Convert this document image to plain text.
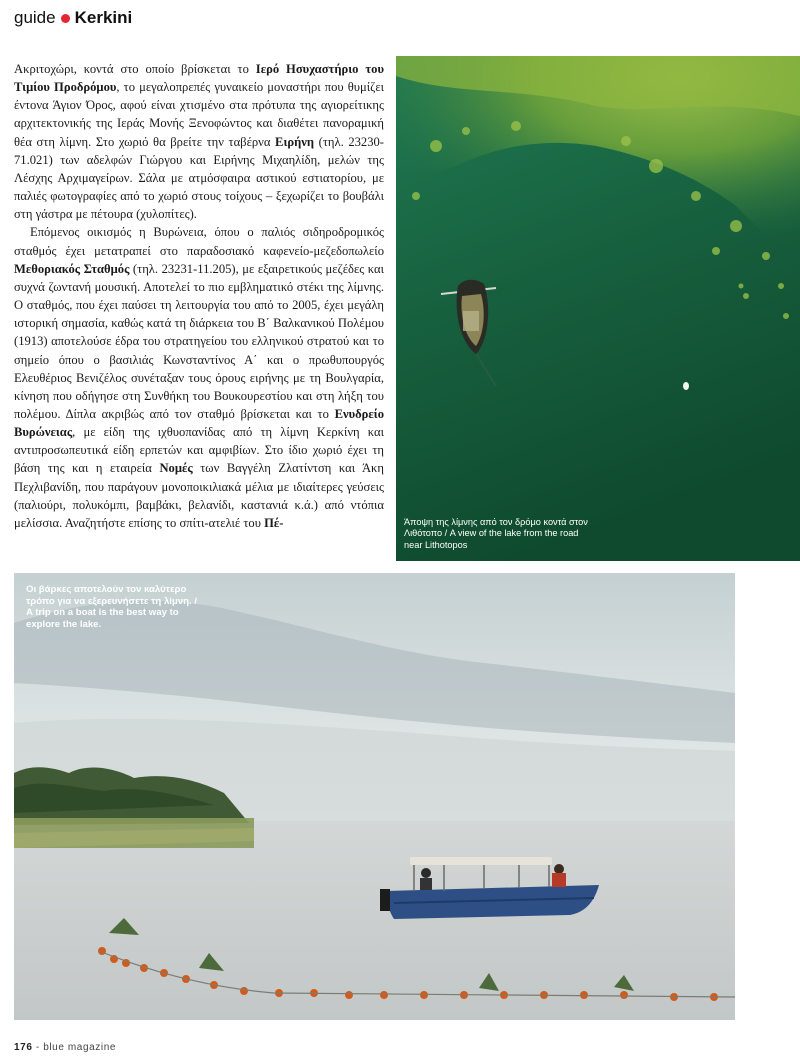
guide Kerkini

Ακριτοχώρι, κοντά στο οποίο βρίσκεται το Ιερό Ησυχαστήριο του Τιμίου Προδρόμου, το μεγαλοπρεπές γυναικείο μοναστήρι που θυμίζει έντονα Άγιον Όρος, αφού είναι χτισμένο στα πρότυπα της αγιορείτικης αρχιτεκτονικής της Ιεράς Μονής Ξενοφώντος και διαθέτει πανοραμική θέα στη λίμνη. Στο χωριό θα βρείτε την ταβέρνα Ειρήνη (τηλ. 23230-71.021) των αδελφών Γιώργου και Ειρήνης Μιχαηλίδη, μελών της Λέσχης Αρχιμαγείρων. Σάλα με ατμόσφαιρα αστικού εστιατορίου, με παλιές φωτογραφίες από το χωριό στους τοίχους – ξεχωρίζει το βουβάλι στη γάστρα με πέτουρα (χυλοπίτες).

Επόμενος οικισμός η Βυρώνεια, όπου ο παλιός σιδηροδρομικός σταθμός έχει μετατραπεί στο παραδοσιακό καφενείο-μεζεδοπωλείο Μεθοριακός Σταθμός (τηλ. 23231-11.205), με εξαιρετικούς μεζέδες και συχνά ζωντανή μουσική. Αποτελεί το πιο εμβληματικό στέκι της λίμνης. Ο σταθμός, που έχει παύσει τη λειτουργία του από το 2005, έχει μεγάλη ιστορική σημασία, καθώς κατά τη διάρκεια του Β΄ Βαλκανικού Πολέμου (1913) αποτελούσε έδρα του στρατηγείου του ελληνικού στρατού και το σημείο όπου ο βασιλιάς Κωνσταντίνος Α΄ και ο πρωθυπουργός Ελευθέριος Βενιζέλος συνέταξαν τους όρους ειρήνης με τη Βουλγαρία, κίνηση που οδήγησε στη Συνθήκη του Βουκουρεστίου και στη λήξη του πολέμου. Δίπλα ακριβώς από τον σταθμό βρίσκεται και το Ενυδρείο Βυρώνειας, με είδη της ιχθυοπανίδας από τη λίμνη Κερκίνη και αντιπροσωπευτικά είδη ερπετών και αμφιβίων. Στο ίδιο χωριό έχει τη βάση της και η εταιρεία Νομές των Βαγγέλη Ζλατίντση και Άκη Πεχλιβανίδη, που παράγουν μονοποικιλιακά μέλια με ιδιαίτερες γεύσεις (παλιούρι, πολυκόμπι, βαμβάκι, βελανίδι, καστανιά κ.ά.) από ντόπια μελίσσια. Αναζητήστε επίσης το σπίτι-ατελιέ του Πέ-	Άποψη της λίμνης από τον δρόμο κοντά στον Λιθότοπο / A view of the lake from the road near Lithotopos
Οι βάρκες αποτελούν τον καλύτερο τρόπο για να εξερευνήσετε τη λίμνη. / A trip on a boat is the best way to explore the lake.
176 - blue magazine
